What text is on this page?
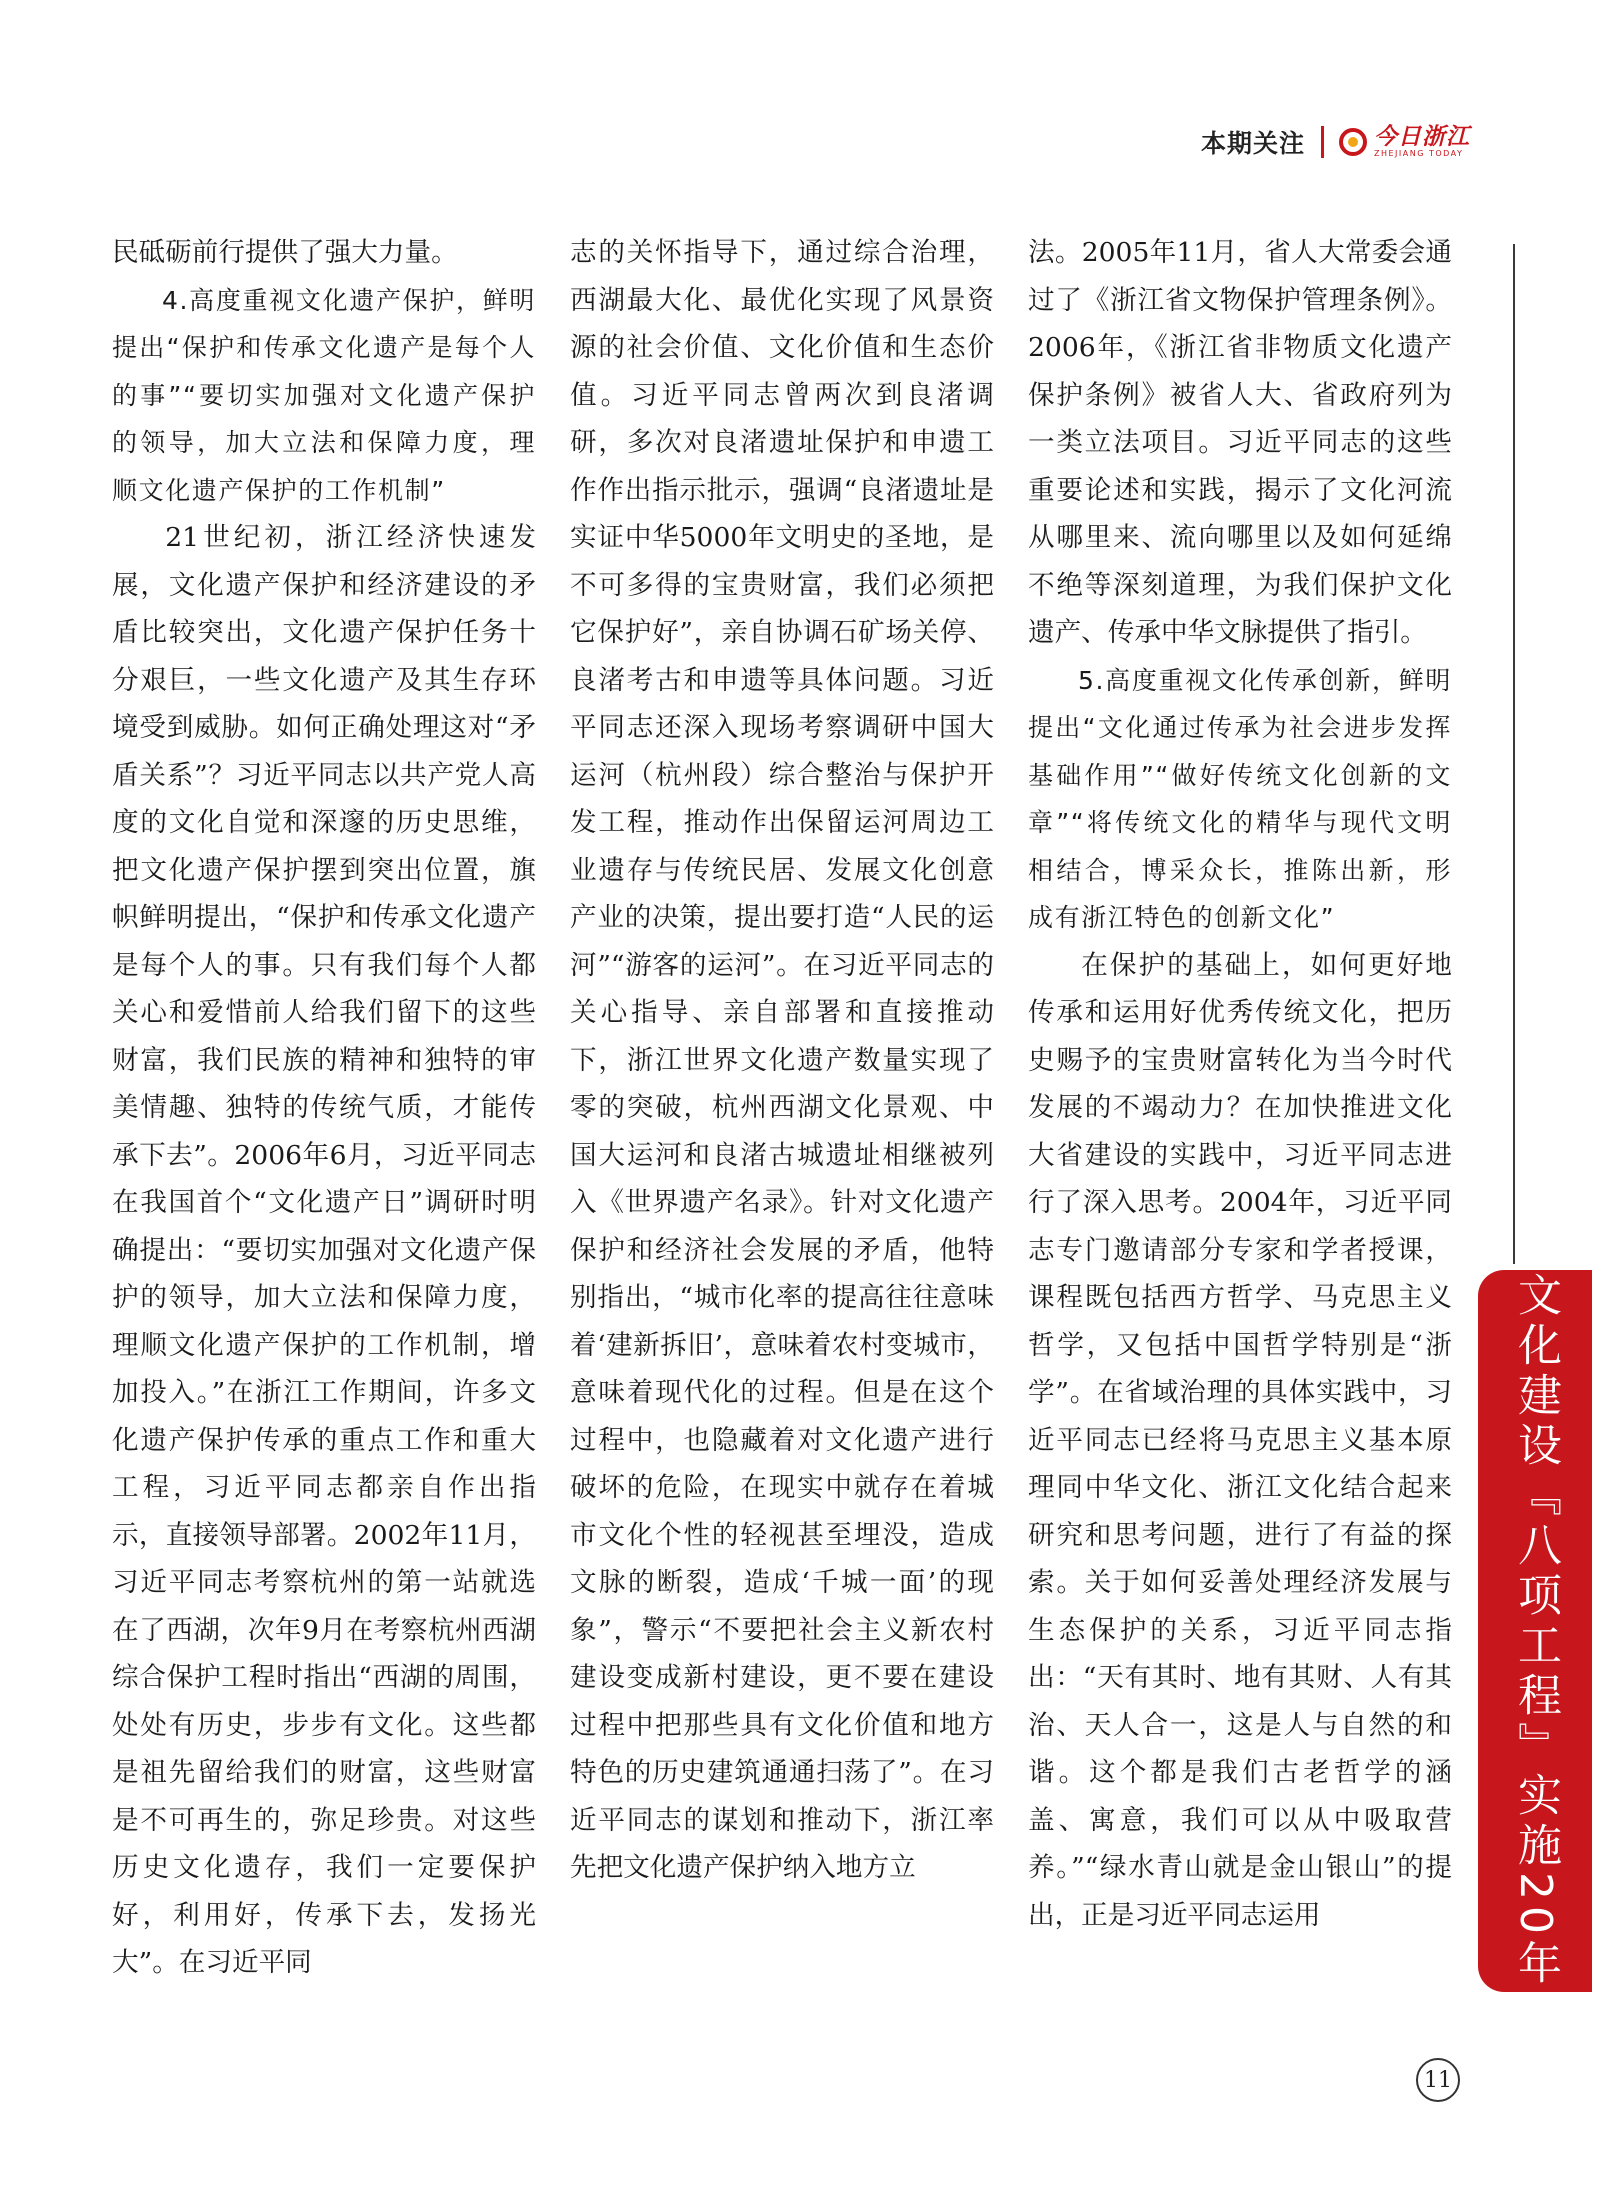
本期关注	今日浙江
ZHEJIANG TODAY

民砥砺前行提供了强大力量。

4.高度重视文化遗产保护，鲜明提出“保护和传承文化遗产是每个人的事”“要切实加强对文化遗产保护的领导，加大立法和保障力度，理顺文化遗产保护的工作机制”

21世纪初，浙江经济快速发展，文化遗产保护和经济建设的矛盾比较突出，文化遗产保护任务十分艰巨，一些文化遗产及其生存环境受到威胁。如何正确处理这对“矛盾关系”？习近平同志以共产党人高度的文化自觉和深邃的历史思维，把文化遗产保护摆到突出位置，旗帜鲜明提出，“保护和传承文化遗产是每个人的事。只有我们每个人都关心和爱惜前人给我们留下的这些财富，我们民族的精神和独特的审美情趣、独特的传统气质，才能传承下去”。2006年6月，习近平同志在我国首个“文化遗产日”调研时明确提出：“要切实加强对文化遗产保护的领导，加大立法和保障力度，理顺文化遗产保护的工作机制，增加投入。”在浙江工作期间，许多文化遗产保护传承的重点工作和重大工程，习近平同志都亲自作出指示，直接领导部署。2002年11月，习近平同志考察杭州的第一站就选在了西湖，次年9月在考察杭州西湖综合保护工程时指出“西湖的周围，处处有历史，步步有文化。这些都是祖先留给我们的财富，这些财富是不可再生的，弥足珍贵。对这些历史文化遗存，我们一定要保护好，利用好，传承下去，发扬光大”。在习近平同

志的关怀指导下，通过综合治理，西湖最大化、最优化实现了风景资源的社会价值、文化价值和生态价值。习近平同志曾两次到良渚调研，多次对良渚遗址保护和申遗工作作出指示批示，强调“良渚遗址是实证中华5000年文明史的圣地，是不可多得的宝贵财富，我们必须把它保护好”，亲自协调石矿场关停、良渚考古和申遗等具体问题。习近平同志还深入现场考察调研中国大运河（杭州段）综合整治与保护开发工程，推动作出保留运河周边工业遗存与传统民居、发展文化创意产业的决策，提出要打造“人民的运河”“游客的运河”。在习近平同志的关心指导、亲自部署和直接推动下，浙江世界文化遗产数量实现了零的突破，杭州西湖文化景观、中国大运河和良渚古城遗址相继被列入《世界遗产名录》。针对文化遗产保护和经济社会发展的矛盾，他特别指出，“城市化率的提高往往意味着‘建新拆旧’，意味着农村变城市，意味着现代化的过程。但是在这个过程中，也隐藏着对文化遗产进行破坏的危险，在现实中就存在着城市文化个性的轻视甚至埋没，造成文脉的断裂，造成‘千城一面’的现象”，警示“不要把社会主义新农村建设变成新村建设，更不要在建设过程中把那些具有文化价值和地方特色的历史建筑通通扫荡了”。在习近平同志的谋划和推动下，浙江率先把文化遗产保护纳入地方立

法。2005年11月，省人大常委会通过了《浙江省文物保护管理条例》。2006年，《浙江省非物质文化遗产保护条例》被省人大、省政府列为一类立法项目。习近平同志的这些重要论述和实践，揭示了文化河流从哪里来、流向哪里以及如何延绵不绝等深刻道理，为我们保护文化遗产、传承中华文脉提供了指引。

5.高度重视文化传承创新，鲜明提出“文化通过传承为社会进步发挥基础作用”“做好传统文化创新的文章”“将传统文化的精华与现代文明相结合，博采众长，推陈出新，形成有浙江特色的创新文化”

在保护的基础上，如何更好地传承和运用好优秀传统文化，把历史赐予的宝贵财富转化为当今时代发展的不竭动力？在加快推进文化大省建设的实践中，习近平同志进行了深入思考。2004年，习近平同志专门邀请部分专家和学者授课，课程既包括西方哲学、马克思主义哲学，又包括中国哲学特别是“浙学”。在省域治理的具体实践中，习近平同志已经将马克思主义基本原理同中华文化、浙江文化结合起来研究和思考问题，进行了有益的探索。关于如何妥善处理经济发展与生态保护的关系，习近平同志指出：“天有其时、地有其财、人有其治、天人合一，这是人与自然的和谐。这个都是我们古老哲学的涵盖、寓意，我们可以从中吸取营养。”“绿水青山就是金山银山”的提出，正是习近平同志运用	文化建设『八项工程』实施20年
11
